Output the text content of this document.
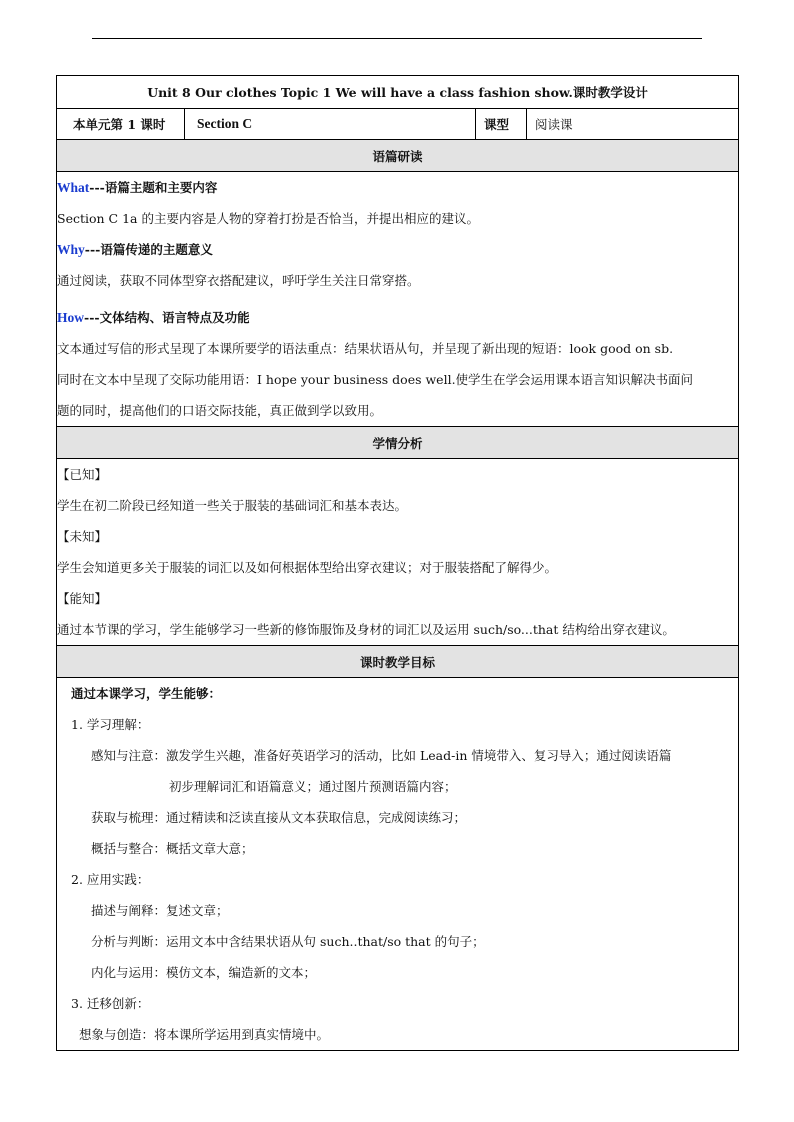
Unit 8 Our clothes Topic 1 We will have a class fashion show.课时教学设计
本单元第 1 课时	Section C	课型	阅读课
语篇研读

What---语篇主题和主要内容
Section C 1a 的主要内容是人物的穿着打扮是否恰当，并提出相应的建议。
Why---语篇传递的主题意义
通过阅读，获取不同体型穿衣搭配建议，呼吁学生关注日常穿搭。
How---文体结构、语言特点及功能
文本通过写信的形式呈现了本课所要学的语法重点：结果状语从句，并呈现了新出现的短语：look good on sb.
同时在文本中呈现了交际功能用语：I hope your business does well.使学生在学会运用课本语言知识解决书面问
题的同时，提高他们的口语交际技能，真正做到学以致用。

学情分析

【已知】
学生在初二阶段已经知道一些关于服装的基础词汇和基本表达。
【未知】
学生会知道更多关于服装的词汇以及如何根据体型给出穿衣建议；对于服装搭配了解得少。
【能知】
通过本节课的学习，学生能够学习一些新的修饰服饰及身材的词汇以及运用 such/so...that 结构给出穿衣建议。

课时教学目标

通过本课学习，学生能够：
1. 学习理解：
感知与注意：激发学生兴趣，准备好英语学习的活动，比如 Lead-in 情境带入、复习导入；通过阅读语篇
初步理解词汇和语篇意义；通过图片预测语篇内容；
获取与梳理：通过精读和泛读直接从文本获取信息，完成阅读练习；
概括与整合：概括文章大意；
2. 应用实践：
描述与阐释：复述文章；
分析与判断：运用文本中含结果状语从句 such..that/so that 的句子；
内化与运用：模仿文本，编造新的文本；
3. 迁移创新：
想象与创造：将本课所学运用到真实情境中。
